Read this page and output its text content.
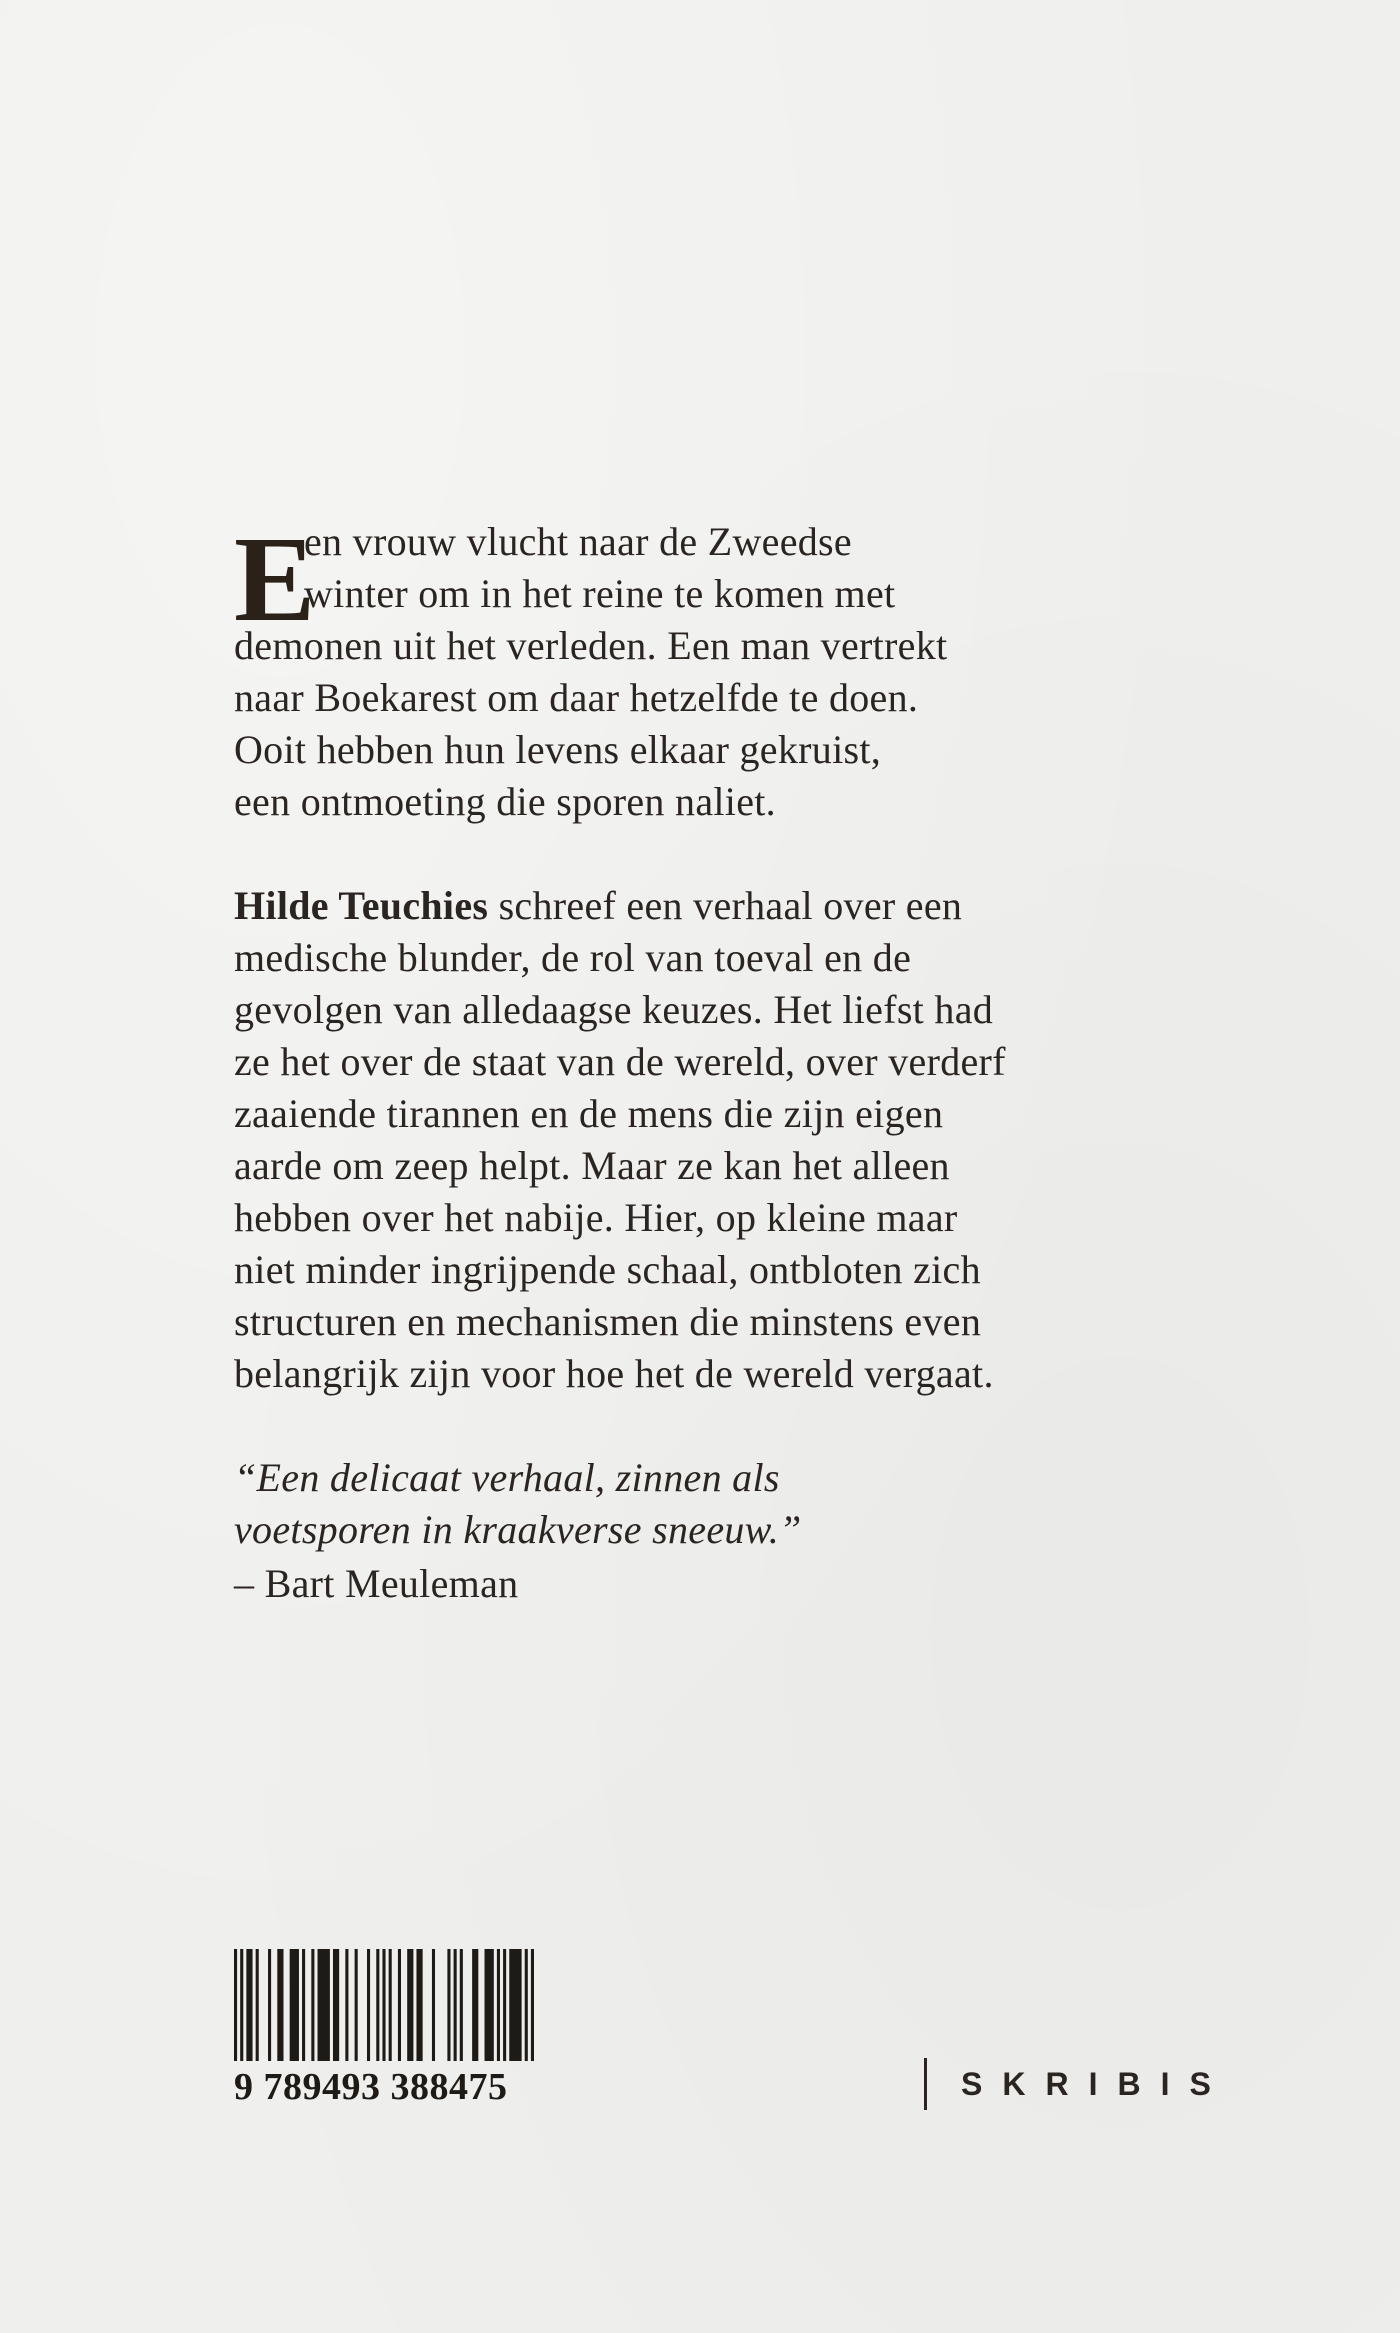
E
en vrouw vlucht naar de Zweedse
winter om in het reine te komen met
demonen uit het verleden. Een man vertrekt
naar Boekarest om daar hetzelfde te doen.
Ooit hebben hun levens elkaar gekruist,
een ontmoeting die sporen naliet.
Hilde Teuchies schreef een verhaal over een
medische blunder, de rol van toeval en de
gevolgen van alledaagse keuzes. Het liefst had
ze het over de staat van de wereld, over verderf
zaaiende tirannen en de mens die zijn eigen
aarde om zeep helpt. Maar ze kan het alleen
hebben over het nabije. Hier, op kleine maar
niet minder ingrijpende schaal, ontbloten zich
structuren en mechanismen die minstens even
belangrijk zijn voor hoe het de wereld vergaat.
“Een delicaat verhaal, zinnen als
voetsporen in kraakverse sneeuw.”
– Bart Meuleman
9 789493 388475	SKRIBIS
